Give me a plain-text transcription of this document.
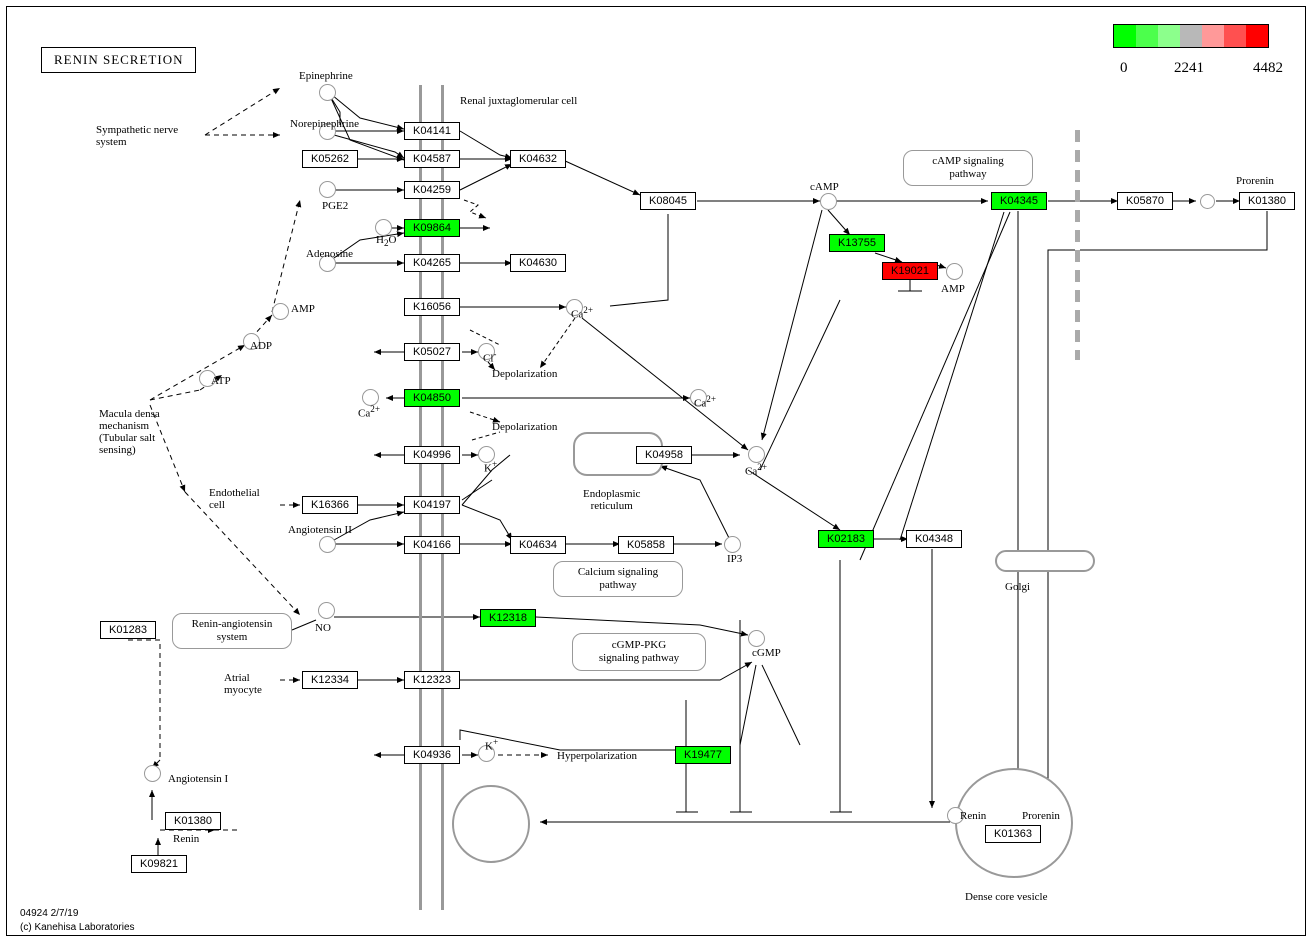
RENIN SECRETION
0	2241	4482
cAMP signaling
pathway
Calcium signaling
pathway
cGMP-PKG
signaling pathway
Renin-angiotensin
system
K04141
K05262	K04587	K04632
K04259
K08045
K09864
K04345	K05870	K01380
K13755
K19021
K04265	K04630
K16056
K05027
K04850
K04996	K04958
K16366	K04197
K02183	K04348
K04166	K04634	K05858
K01283
K12318
K12334	K12323
K04936	K19477
K01380
K09821
K01363
Renal juxtaglomerular cell
Epinephrine
Norepinephrine
Sympathetic nerve
system
PGE2
$H_2O$
Adenosine
AMP
ADP
ATP
Macula densa
mechanism
(Tubular salt
sensing)
cAMP
AMP
Prorenin
$Ca^{2+}$
Cl-
Depolarization
$Ca^{2+}$	$Ca^{2+}$
Depolarization
K+
$Ca^{2+}$
Endoplasmic
reticulum
Endothelial
cell
Angiotensin II
IP3
Golgi
NO
cGMP
Atrial
myocyte
K+
Hyperpolarization
Angiotensin I
Renin
Renin	Prorenin
Dense core vesicle
04924 2/7/19
(c) Kanehisa Laboratories
